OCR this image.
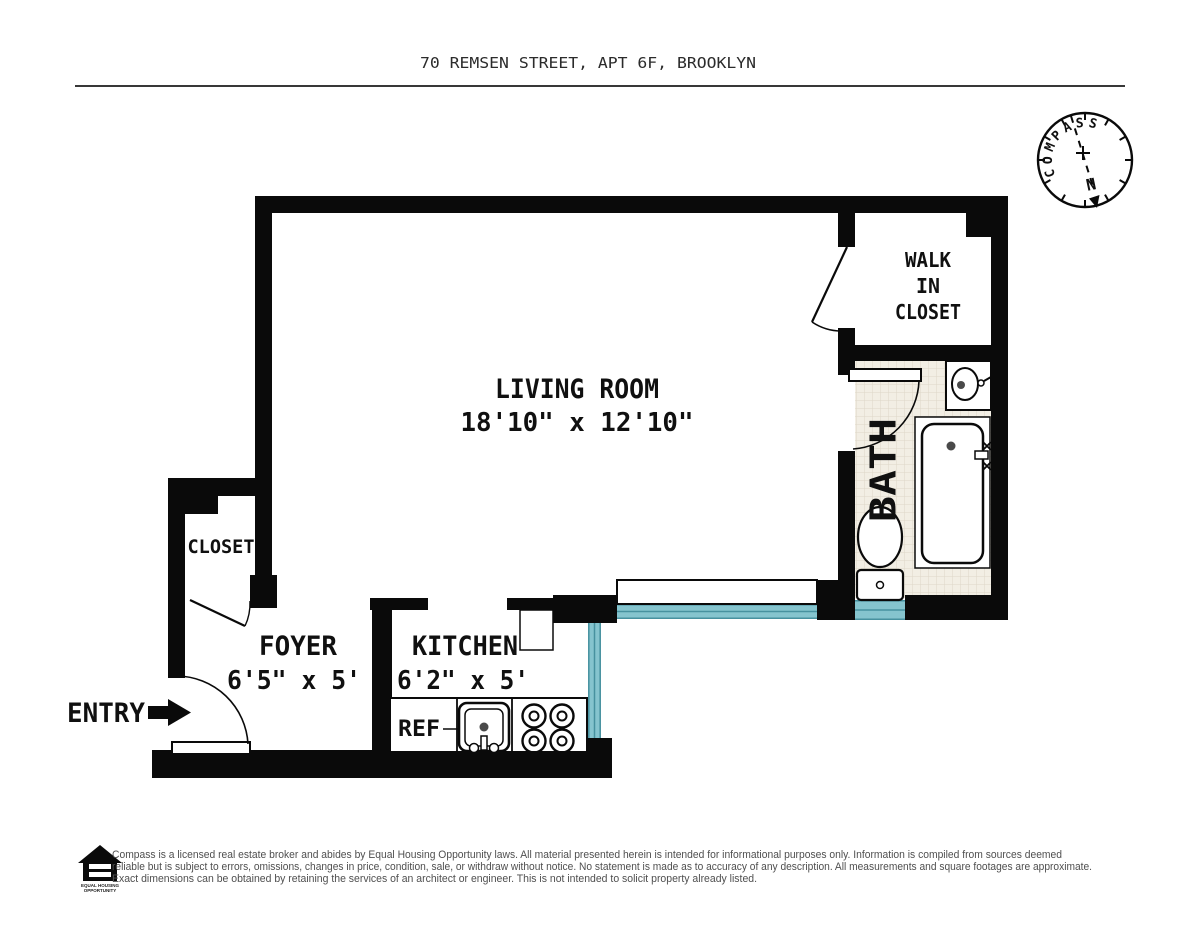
70 REMSEN STREET, APT 6F, BROOKLYN
COMPASS
N
REF
LIVING ROOM
18'10" x 12'10"
WALK
IN
CLOSET
BATH
CLOSET
FOYER
6'5" x 5'
KITCHEN
6'2" x 5'
ENTRY
EQUAL HOUSING
OPPORTUNITY
Compass is a licensed real estate broker and abides by Equal Housing Opportunity laws. All material presented herein is intended for informational purposes only. Information is compiled from sources deemed
reliable but is subject to errors, omissions, changes in price, condition, sale, or withdraw without notice. No statement is made as to accuracy of any description. All measurements and square footages are approximate.
Exact dimensions can be obtained by retaining the services of an architect or engineer. This is not intended to solicit property already listed.
